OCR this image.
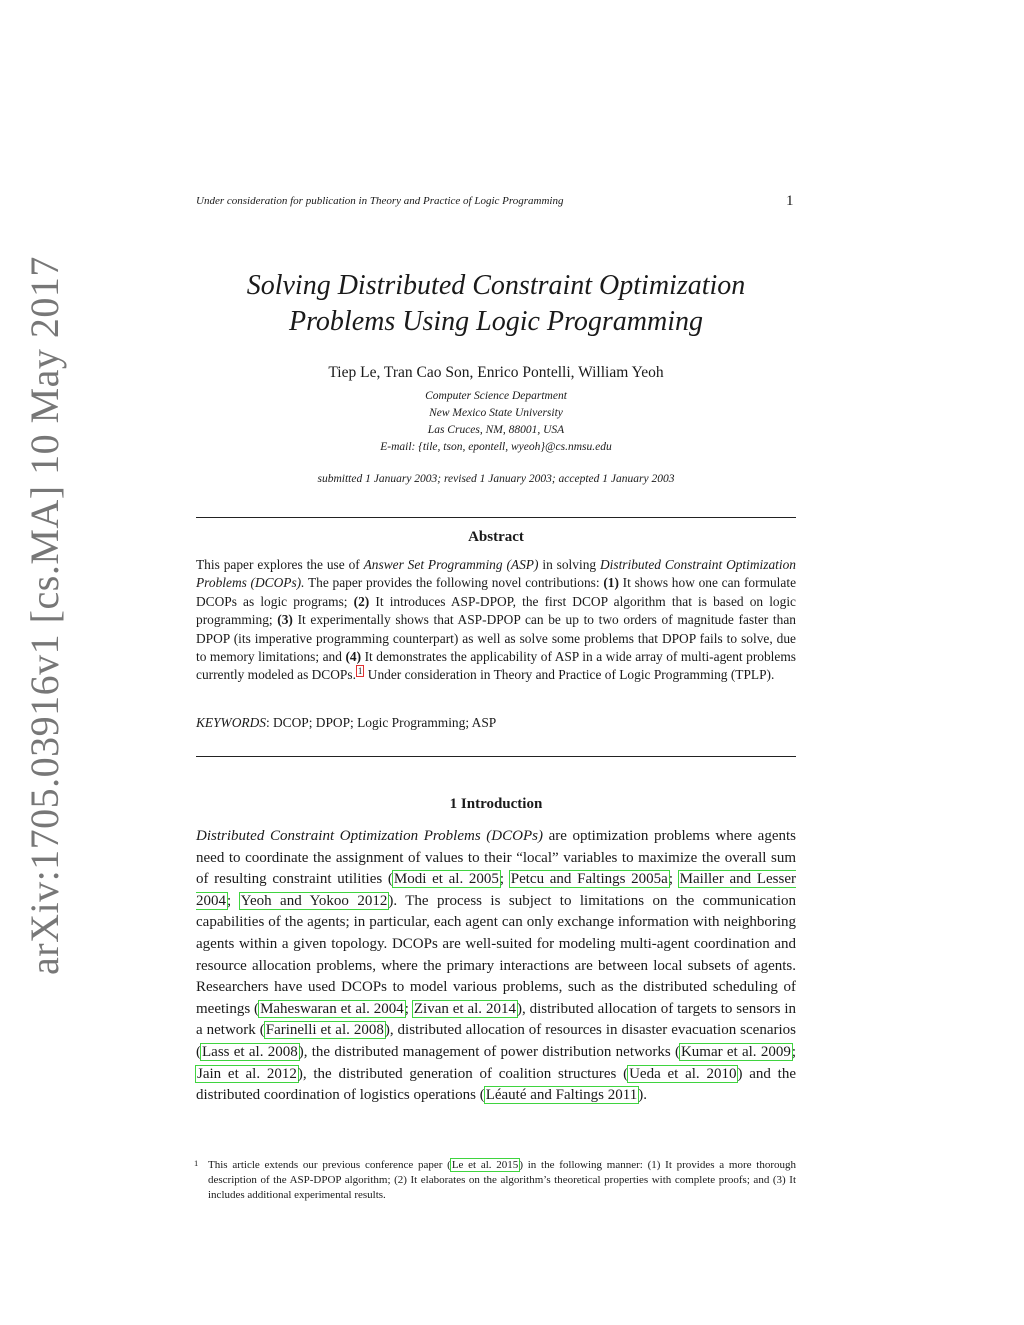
arXiv:1705.03916v1 [cs.MA] 10 May 2017
Under consideration for publication in Theory and Practice of Logic Programming	1
Solving Distributed Constraint Optimization
Problems Using Logic Programming
Tiep Le, Tran Cao Son, Enrico Pontelli, William Yeoh
Computer Science Department
New Mexico State University
Las Cruces, NM, 88001, USA
E-mail: {tile, tson, epontell, wyeoh}@cs.nmsu.edu
submitted 1 January 2003; revised 1 January 2003; accepted 1 January 2003
Abstract
This paper explores the use of Answer Set Programming (ASP) in solving Distributed Constraint Optimization Problems (DCOPs). The paper provides the following novel contributions: (1) It shows how one can formulate DCOPs as logic programs; (2) It introduces ASP-DPOP, the first DCOP algorithm that is based on logic programming; (3) It experimentally shows that ASP-DPOP can be up to two orders of magnitude faster than DPOP (its imperative programming counterpart) as well as solve some problems that DPOP fails to solve, due to memory limitations; and (4) It demonstrates the applicability of ASP in a wide array of multi-agent problems currently modeled as DCOPs. $^1$ Under consideration in Theory and Practice of Logic Programming (TPLP).
KEYWORDS: DCOP; DPOP; Logic Programming; ASP
1 Introduction
Distributed Constraint Optimization Problems (DCOPs) are optimization problems where agents need to coordinate the assignment of values to their “local” variables to maximize the overall sum of resulting constraint utilities (Modi et al. 2005; Petcu and Faltings 2005a; Mailler and Lesser 2004; Yeoh and Yokoo 2012). The process is subject to limitations on the communication capabilities of the agents; in particular, each agent can only exchange information with neighboring agents within a given topology. DCOPs are well-suited for modeling multi-agent coordination and resource allocation problems, where the primary interactions are between local subsets of agents. Researchers have used DCOPs to model various problems, such as the distributed scheduling of meetings (Maheswaran et al. 2004; Zivan et al. 2014), distributed allocation of targets to sensors in a network (Farinelli et al. 2008), distributed allocation of resources in disaster evacuation scenarios (Lass et al. 2008), the distributed management of power distribution networks (Kumar et al. 2009; Jain et al. 2012), the distributed generation of coalition structures (Ueda et al. 2010) and the distributed coordination of logistics operations (Léauté and Faltings 2011).
1 This article extends our previous conference paper (Le et al. 2015) in the following manner: (1) It provides a more thorough description of the ASP-DPOP algorithm; (2) It elaborates on the algorithm’s theoretical properties with complete proofs; and (3) It includes additional experimental results.
